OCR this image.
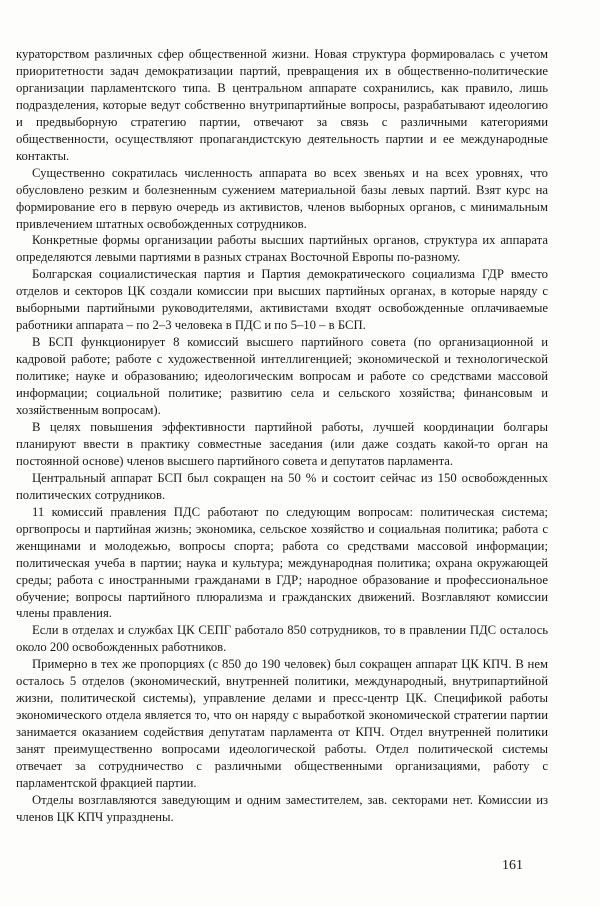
кураторством различных сфер общественной жизни. Новая структура формировалась с учетом приоритетности задач демократизации партий, превращения их в общественно-политические организации парламентского типа. В центральном аппарате сохранились, как правило, лишь подразделения, которые ведут собственно внутрипартийные вопросы, разрабатывают идеологию и предвыборную стратегию партии, отвечают за связь с различными категориями общественности, осуществляют пропагандистскую деятельность партии и ее международные контакты.

Существенно сократилась численность аппарата во всех звеньях и на всех уровнях, что обусловлено резким и болезненным сужением материальной базы левых партий. Взят курс на формирование его в первую очередь из активистов, членов выборных органов, с минимальным привлечением штатных освобожденных сотрудников.

Конкретные формы организации работы высших партийных органов, структура их аппарата определяются левыми партиями в разных странах Восточной Европы по-разному.

Болгарская социалистическая партия и Партия демократического социализма ГДР вместо отделов и секторов ЦК создали комиссии при высших партийных органах, в которые наряду с выборными партийными руководителями, активистами входят освобожденные оплачиваемые работники аппарата – по 2–3 человека в ПДС и по 5–10 – в БСП.

В БСП функционирует 8 комиссий высшего партийного совета (по организационной и кадровой работе; работе с художественной интеллигенцией; экономической и технологической политике; науке и образованию; идеологическим вопросам и работе со средствами массовой информации; социальной политике; развитию села и сельского хозяйства; финансовым и хозяйственным вопросам).

В целях повышения эффективности партийной работы, лучшей координации болгары планируют ввести в практику совместные заседания (или даже создать какой-то орган на постоянной основе) членов высшего партийного совета и депутатов парламента.

Центральный аппарат БСП был сокращен на 50 % и состоит сейчас из 150 освобожденных политических сотрудников.

11 комиссий правления ПДС работают по следующим вопросам: политическая система; оргвопросы и партийная жизнь; экономика, сельское хозяйство и социальная политика; работа с женщинами и молодежью, вопросы спорта; работа со средствами массовой информации; политическая учеба в партии; наука и культура; международная политика; охрана окружающей среды; работа с иностранными гражданами в ГДР; народное образование и профессиональное обучение; вопросы партийного плюрализма и гражданских движений. Возглавляют комиссии члены правления.

Если в отделах и службах ЦК СЕПГ работало 850 сотрудников, то в правлении ПДС осталось около 200 освобожденных работников.

Примерно в тех же пропорциях (с 850 до 190 человек) был сокращен аппарат ЦК КПЧ. В нем осталось 5 отделов (экономический, внутренней политики, международный, внутрипартийной жизни, политической системы), управление делами и пресс-центр ЦК. Спецификой работы экономического отдела является то, что он наряду с выработкой экономической стратегии партии занимается оказанием содействия депутатам парламента от КПЧ. Отдел внутренней политики занят преимущественно вопросами идеологической работы. Отдел политической системы отвечает за сотрудничество с различными общественными организациями, работу с парламентской фракцией партии.

Отделы возглавляются заведующим и одним заместителем, зав. секторами нет. Комиссии из членов ЦК КПЧ упразднены.

161
